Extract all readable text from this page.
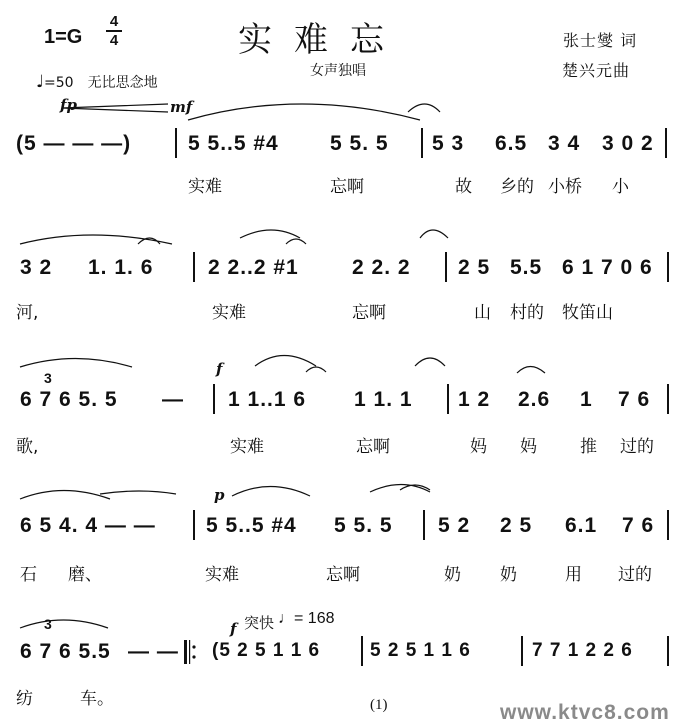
1=G
4
4	实难忘
女声独唱
张士燮 词
楚兴元曲
♩=50　无比思念地
fp	mf
(5 — — —)	5 5..5 #4 5 5. 5 5 3 6.5 3 4 3 0 2
实难	忘啊	故 乡的 小桥 小
3 2 1. 1. 6	2 2..2 #1	2 2. 2 2 5 5.5 6 1 7 0 6
河,	实难	忘啊	山 村的 牧笛山
3	f
6 7 6 5. 5 — 1 1..1 6 1 1. 1 1 2 2.6 1 7 6
歌,	实难	忘啊	妈 妈	推 过的
p
6 5 4. 4 — — 5 5..5 #4 5 5. 5 5 2 2 5 6.1 7 6
石 磨、	实难	忘啊	奶 奶	用 过的
3	f 突快 ♩= 168
6 7 6 5.5 — — (5 2 5 1 1 6	5 2 5 1 1 6	7 7 1 2 2 6
纺	车。	(1)	www.ktvc8.com
